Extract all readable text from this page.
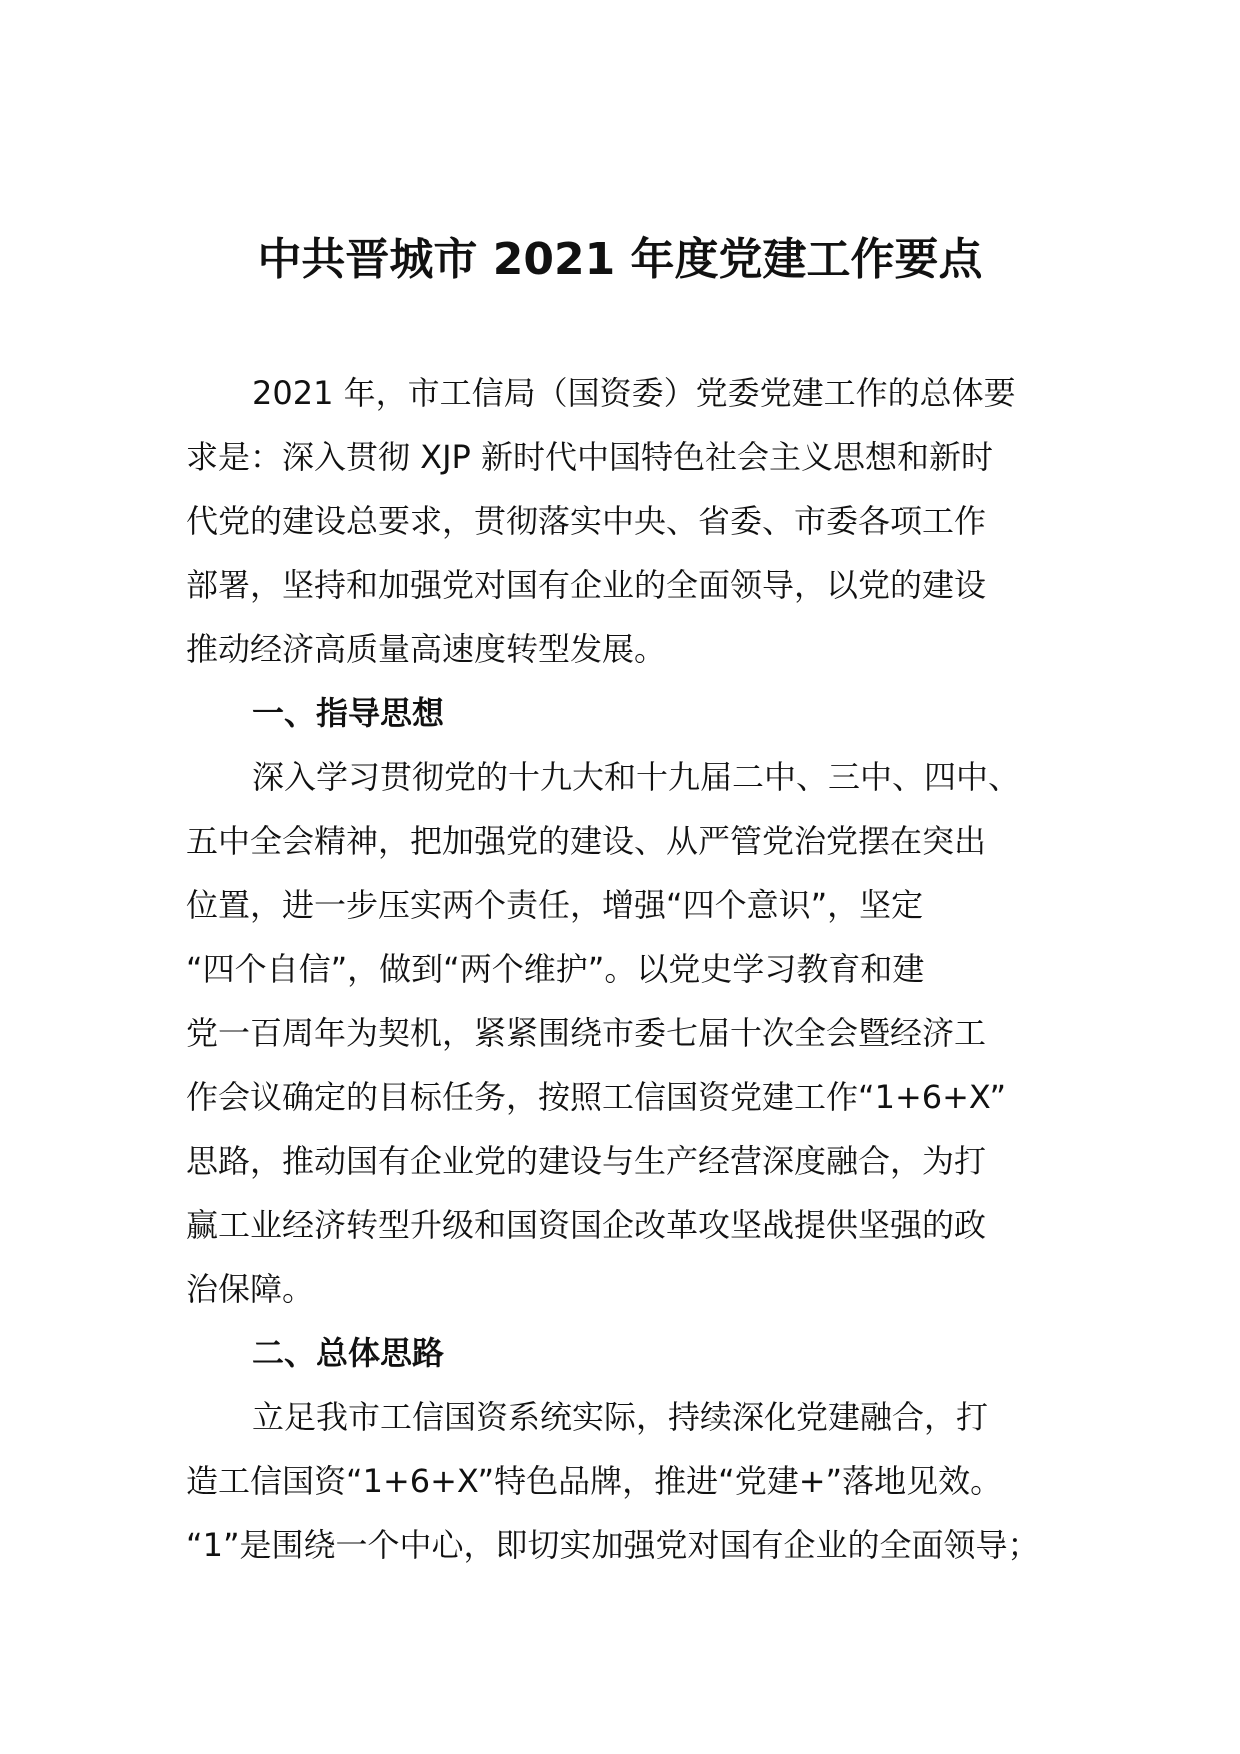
中共晋城市 2021 年度党建工作要点

2021 年，市工信局（国资委）党委党建工作的总体要

求是：深入贯彻 XJP 新时代中国特色社会主义思想和新时

代党的建设总要求，贯彻落实中央、省委、市委各项工作

部署，坚持和加强党对国有企业的全面领导，以党的建设

推动经济高质量高速度转型发展。

一、指导思想

深入学习贯彻党的十九大和十九届二中、三中、四中、

五中全会精神，把加强党的建设、从严管党治党摆在突出

位置，进一步压实两个责任，增强“四个意识”，坚定

“四个自信”，做到“两个维护”。以党史学习教育和建

党一百周年为契机，紧紧围绕市委七届十次全会暨经济工

作会议确定的目标任务，按照工信国资党建工作“1+6+X”

思路，推动国有企业党的建设与生产经营深度融合，为打

赢工业经济转型升级和国资国企改革攻坚战提供坚强的政

治保障。

二、总体思路

立足我市工信国资系统实际，持续深化党建融合，打

造工信国资“1+6+X”特色品牌，推进“党建+”落地见效。

“1”是围绕一个中心，即切实加强党对国有企业的全面领导；
